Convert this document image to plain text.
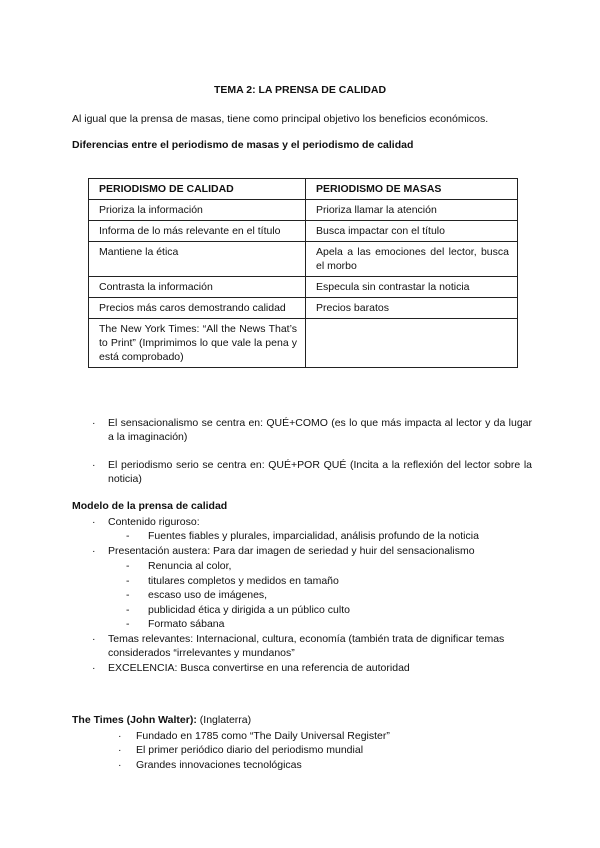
TEMA 2: LA PRENSA DE CALIDAD
Al igual que la prensa de masas, tiene como principal objetivo los beneficios económicos.
Diferencias entre el periodismo de masas y el periodismo de calidad
PERIODISMO DE CALIDAD	PERIODISMO DE MASAS
Prioriza la información	Prioriza llamar la atención
Informa de lo más relevante en el título	Busca impactar con el título
Mantiene la ética	Apela a las emociones del lector, busca el morbo
Contrasta la información	Especula sin contrastar la noticia
Precios más caros demostrando calidad	Precios baratos
The New York Times: “All the News That’s to Print” (Imprimimos lo que vale la pena y está comprobado)	
· El sensacionalismo se centra en: QUÉ+COMO (es lo que más impacta al lector y da lugar a la imaginación)
· El periodismo serio se centra en: QUÉ+POR QUÉ (Incita a la reflexión del lector sobre la noticia)
Modelo de la prensa de calidad
· Contenido riguroso:
- Fuentes fiables y plurales, imparcialidad, análisis profundo de la noticia
· Presentación austera: Para dar imagen de seriedad y huir del sensacionalismo
- Renuncia al color,
- titulares completos y medidos en tamaño
- escaso uso de imágenes,
- publicidad ética y dirigida a un público culto
- Formato sábana
· Temas relevantes: Internacional, cultura, economía (también trata de dignificar temas
considerados “irrelevantes y mundanos”
· EXCELENCIA: Busca convertirse en una referencia de autoridad
The Times (John Walter): (Inglaterra)
· Fundado en 1785 como “The Daily Universal Register”
· El primer periódico diario del periodismo mundial
· Grandes innovaciones tecnológicas
